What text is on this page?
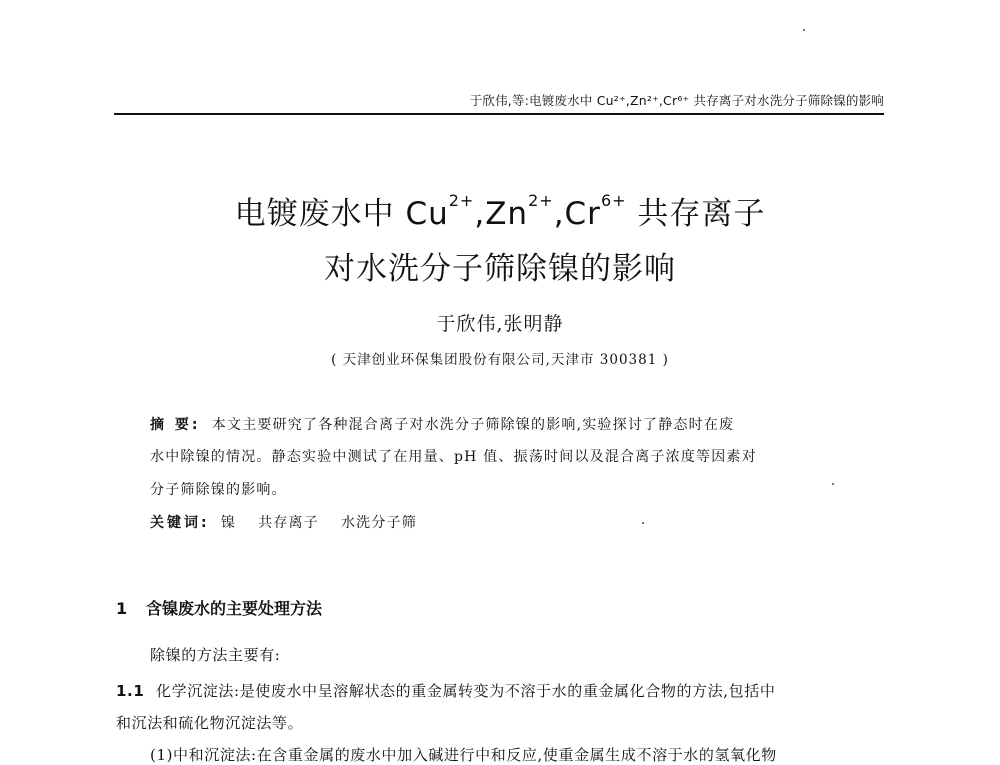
于欣伟,等:电镀废水中 Cu²⁺,Zn²⁺,Cr⁶⁺ 共存离子对水洗分子筛除镍的影响
电镀废水中 $Cu^{2+},Zn^{2+},Cr^{6+}$ 共存离子
对水洗分子筛除镍的影响
于欣伟,张明静
( 天津创业环保集团股份有限公司,天津市 300381 )
摘 要: 本文主要研究了各种混合离子对水洗分子筛除镍的影响,实验探讨了静态时在废
水中除镍的情况。静态实验中测试了在用量、pH 值、振荡时间以及混合离子浓度等因素对
分子筛除镍的影响。
关键词: 镍 共存离子 水洗分子筛
1 含镍废水的主要处理方法
除镍的方法主要有:
1.1 化学沉淀法:是使废水中呈溶解状态的重金属转变为不溶于水的重金属化合物的方法,包括中
和沉法和硫化物沉淀法等。
(1)中和沉淀法:在含重金属的废水中加入碱进行中和反应,使重金属生成不溶于水的氢氧化物
